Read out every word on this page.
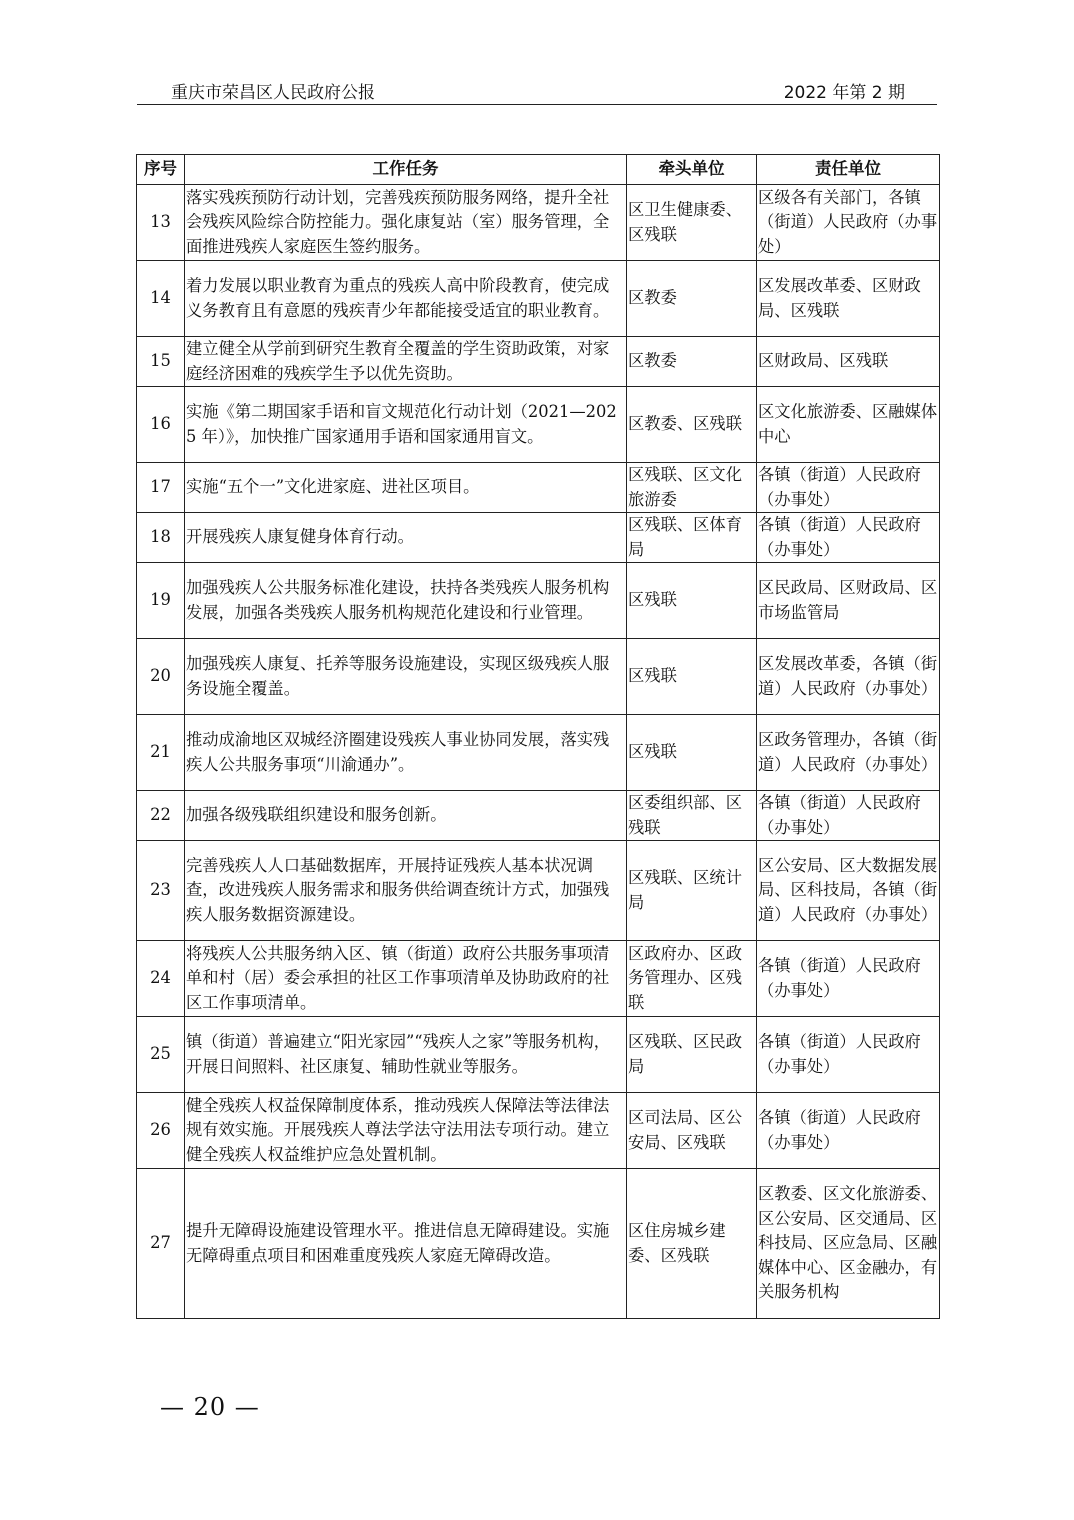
重庆市荣昌区人民政府公报	2022 年第 2 期
序号	工作任务	牵头单位	责任单位
13	落实残疾预防行动计划，完善残疾预防服务网络，提升全社会残疾风险综合防控能力。强化康复站（室）服务管理，全面推进残疾人家庭医生签约服务。	区卫生健康委、区残联	区级各有关部门，各镇（街道）人民政府（办事处）
14	着力发展以职业教育为重点的残疾人高中阶段教育，使完成义务教育且有意愿的残疾青少年都能接受适宜的职业教育。	区教委	区发展改革委、区财政局、区残联
15	建立健全从学前到研究生教育全覆盖的学生资助政策，对家庭经济困难的残疾学生予以优先资助。	区教委	区财政局、区残联
16	实施《第二期国家手语和盲文规范化行动计划（2021—2025 年）》，加快推广国家通用手语和国家通用盲文。	区教委、区残联	区文化旅游委、区融媒体中心
17	实施“五个一”文化进家庭、进社区项目。	区残联、区文化旅游委	各镇（街道）人民政府（办事处）
18	开展残疾人康复健身体育行动。	区残联、区体育局	各镇（街道）人民政府（办事处）
19	加强残疾人公共服务标准化建设，扶持各类残疾人服务机构发展，加强各类残疾人服务机构规范化建设和行业管理。	区残联	区民政局、区财政局、区市场监管局
20	加强残疾人康复、托养等服务设施建设，实现区级残疾人服务设施全覆盖。	区残联	区发展改革委，各镇（街道）人民政府（办事处）
21	推动成渝地区双城经济圈建设残疾人事业协同发展，落实残疾人公共服务事项“川渝通办”。	区残联	区政务管理办，各镇（街道）人民政府（办事处）
22	加强各级残联组织建设和服务创新。	区委组织部、区残联	各镇（街道）人民政府（办事处）
23	完善残疾人人口基础数据库，开展持证残疾人基本状况调查，改进残疾人服务需求和服务供给调查统计方式，加强残疾人服务数据资源建设。	区残联、区统计局	区公安局、区大数据发展局、区科技局，各镇（街道）人民政府（办事处）
24	将残疾人公共服务纳入区、镇（街道）政府公共服务事项清单和村（居）委会承担的社区工作事项清单及协助政府的社区工作事项清单。	区政府办、区政务管理办、区残联	各镇（街道）人民政府（办事处）
25	镇（街道）普遍建立“阳光家园”“残疾人之家”等服务机构，开展日间照料、社区康复、辅助性就业等服务。	区残联、区民政局	各镇（街道）人民政府（办事处）
26	健全残疾人权益保障制度体系，推动残疾人保障法等法律法规有效实施。开展残疾人尊法学法守法用法专项行动。建立健全残疾人权益维护应急处置机制。	区司法局、区公安局、区残联	各镇（街道）人民政府（办事处）
27	提升无障碍设施建设管理水平。推进信息无障碍建设。实施无障碍重点项目和困难重度残疾人家庭无障碍改造。	区住房城乡建委、区残联	区教委、区文化旅游委、区公安局、区交通局、区科技局、区应急局、区融媒体中心、区金融办，有关服务机构
— 20 —
